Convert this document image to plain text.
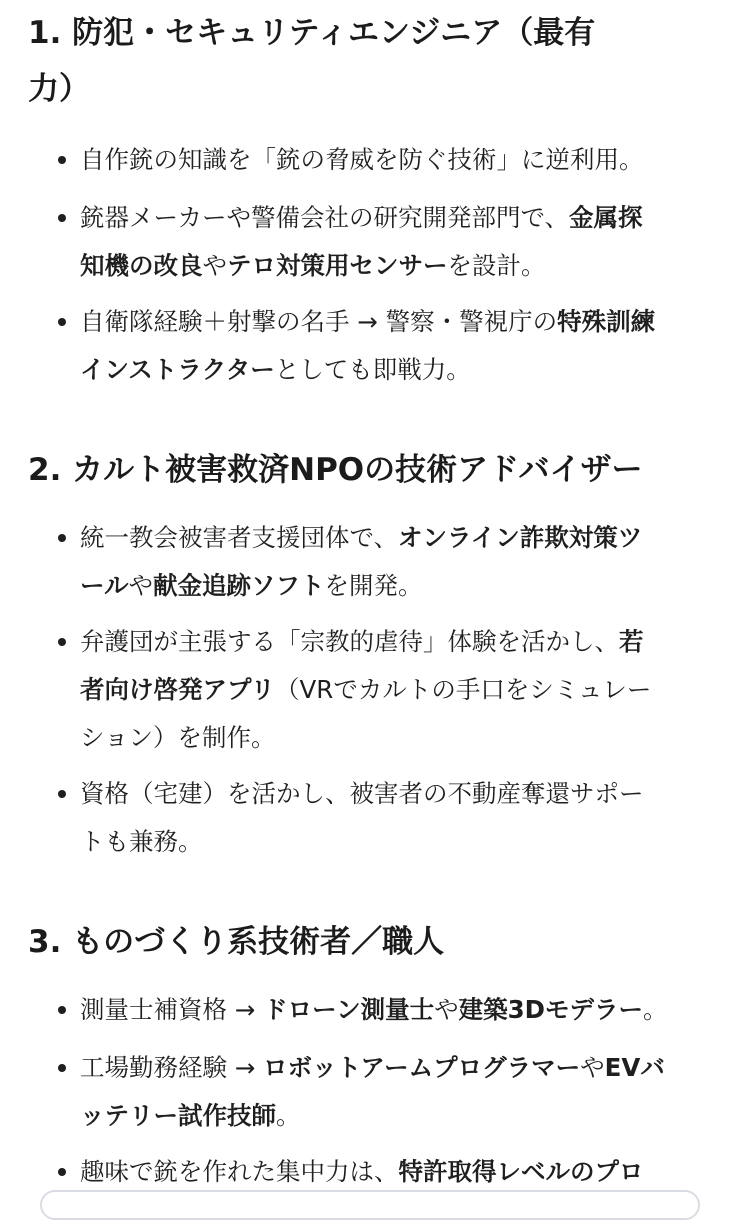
1. 防犯・セキュリティエンジニア（最有
力）
自作銃の知識を「銃の脅威を防ぐ技術」に逆利用。
銃器メーカーや警備会社の研究開発部門で、金属探
知機の改良やテロ対策用センサーを設計。
自衛隊経験＋射撃の名手 → 警察・警視庁の特殊訓練
インストラクターとしても即戦力。
2. カルト被害救済NPOの技術アドバイザー
統一教会被害者支援団体で、オンライン詐欺対策ツ
ールや献金追跡ソフトを開発。
弁護団が主張する「宗教的虐待」体験を活かし、若
者向け啓発アプリ（VRでカルトの手口をシミュレー
ション）を制作。
資格（宅建）を活かし、被害者の不動産奪還サポー
トも兼務。
3. ものづくり系技術者／職人
測量士補資格 → ドローン測量士や建築3Dモデラー。
工場勤務経験 → ロボットアームプログラマーやEVバ
ッテリー試作技師。
趣味で銃を作れた集中力は、特許取得レベルのプロ
